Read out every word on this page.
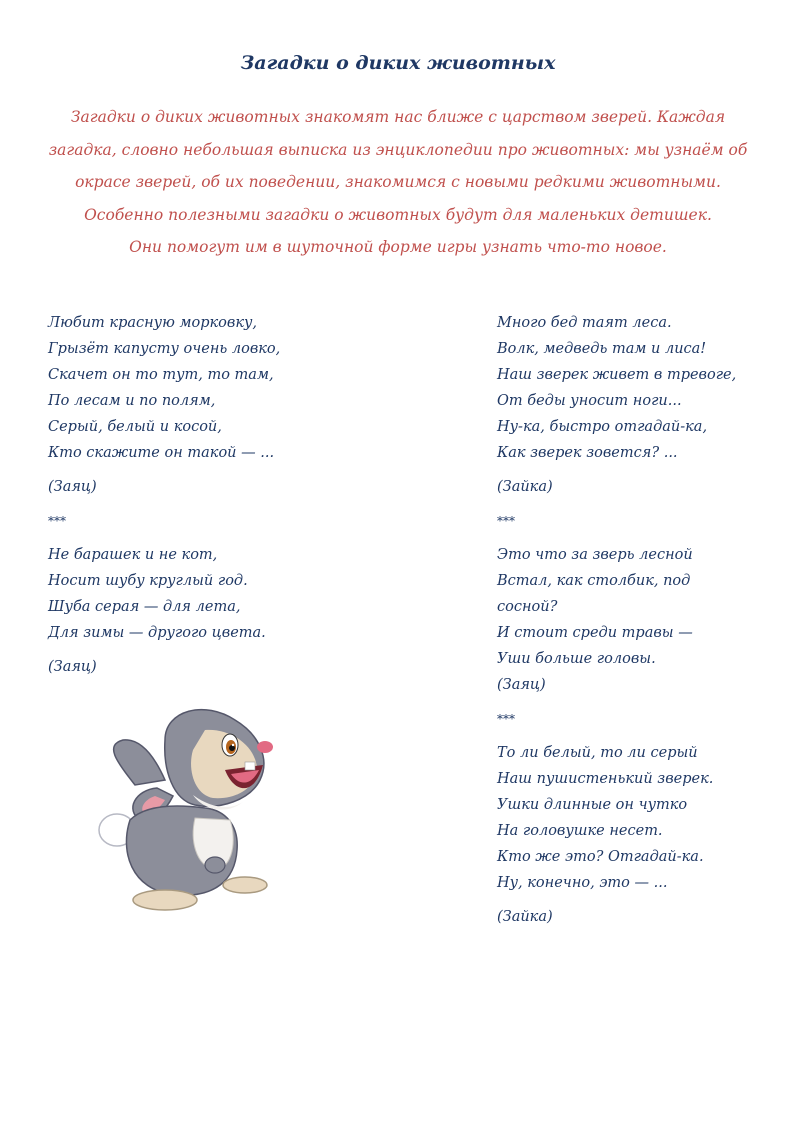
Загадки о диких животных
Загадки о диких животных знакомят нас ближе с царством зверей. Каждая
загадка, словно небольшая выписка из энциклопедии про животных: мы узнаём об
окрасе зверей, об их поведении, знакомимся с новыми редкими животными.
Особенно полезными загадки о животных будут для маленьких детишек.
Они помогут им в шуточной форме игры узнать что-то новое.
Любит красную морковку,
Грызёт капусту очень ловко,
Скачет он то тут, то там,
По лесам и по полям,
Серый, белый и косой,
Кто скажите он такой — ...
(Заяц)
***
Не барашек и не кот,
Носит шубу круглый год.
Шуба серая — для лета,
Для зимы — другого цвета.
(Заяц)
Много бед таят леса.
Волк, медведь там и лиса!
Наш зверек живет в тревоге,
От беды уносит ноги...
Ну-ка, быстро отгадай-ка,
Как зверек зовется? ...
(Зайка)
***
Это что за зверь лесной
Встал, как столбик, под
сосной?
И стоит среди травы —
Уши больше головы.
(Заяц)
***
То ли белый, то ли серый
Наш пушистенький зверек.
Ушки длинные он чутко
На головушке несет.
Кто же это? Отгадай-ка.
Ну, конечно, это — ...
(Зайка)
